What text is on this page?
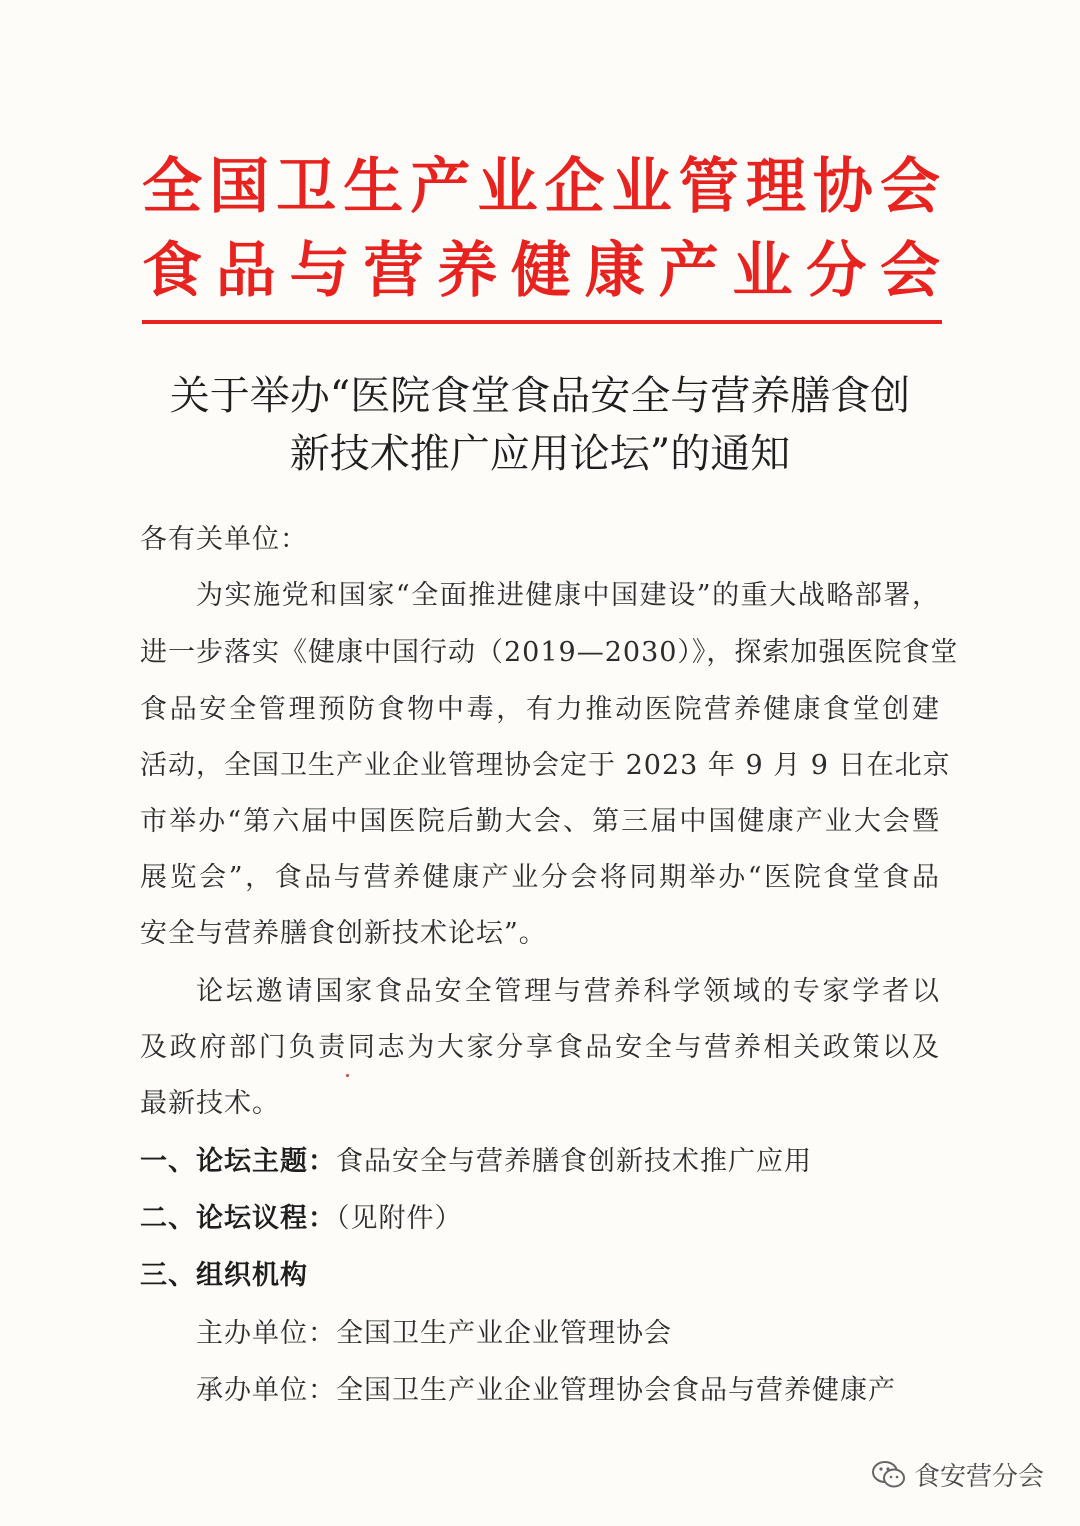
全国卫生产业企业管理协会
食品与营养健康产业分会
关于举办“医院食堂食品安全与营养膳食创
新技术推广应用论坛”的通知
各有关单位：
为实施党和国家“全面推进健康中国建设”的重大战略部署，
进一步落实《健康中国行动（2019—2030）》，探索加强医院食堂
食品安全管理预防食物中毒，有力推动医院营养健康食堂创建
活动，全国卫生产业企业管理协会定于 2023 年 9 月 9 日在北京
市举办“第六届中国医院后勤大会、第三届中国健康产业大会暨
展览会”，食品与营养健康产业分会将同期举办“医院食堂食品
安全与营养膳食创新技术论坛”。
论坛邀请国家食品安全管理与营养科学领域的专家学者以
及政府部门负责同志为大家分享食品安全与营养相关政策以及
最新技术。
一、论坛主题：食品安全与营养膳食创新技术推广应用
二、论坛议程：（见附件）
三、组织机构
主办单位：全国卫生产业企业管理协会
承办单位：全国卫生产业企业管理协会食品与营养健康产
食安营分会
